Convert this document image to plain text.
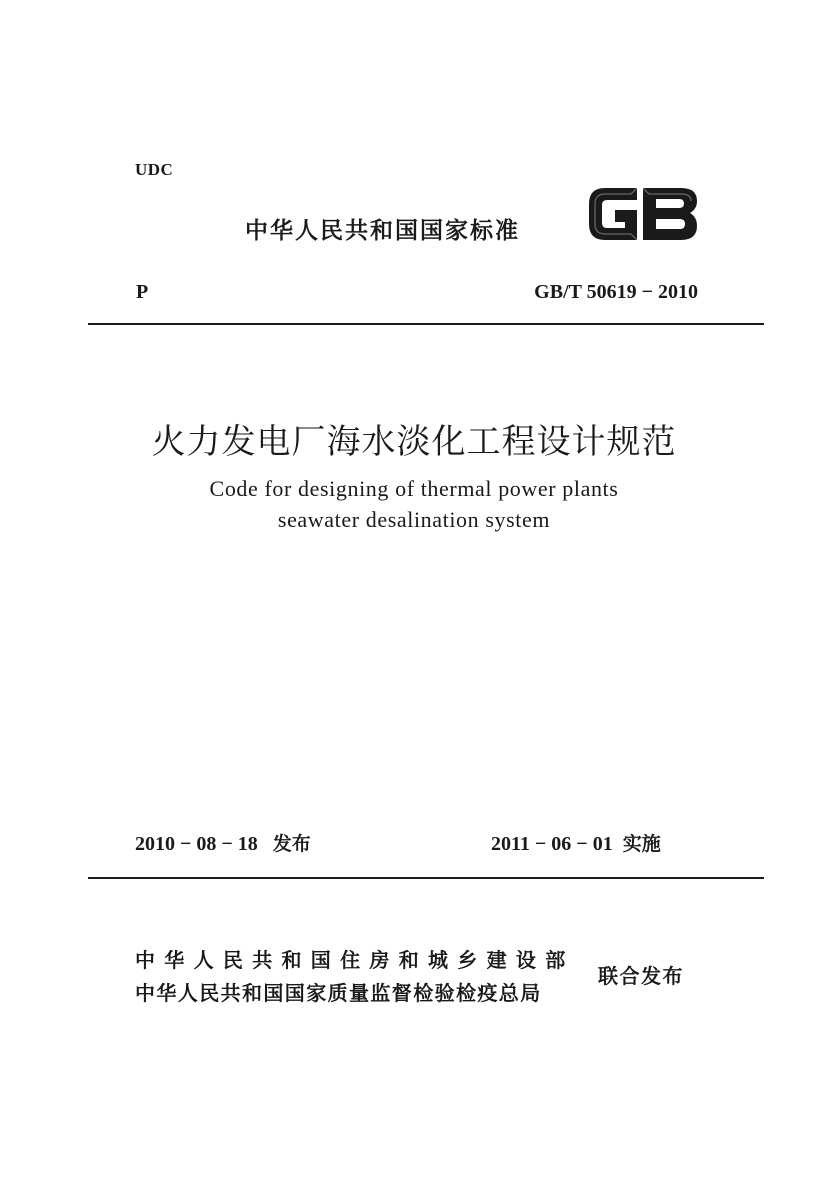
UDC
中华人民共和国国家标准
P	GB/T 50619 − 2010
火力发电厂海水淡化工程设计规范
Code for designing of thermal power plants
seawater desalination system
2010 − 08 − 18 发布	2011 − 06 − 01 实施
中华人民共和国住房和城乡建设部
中华人民共和国国家质量监督检验检疫总局
联合发布
